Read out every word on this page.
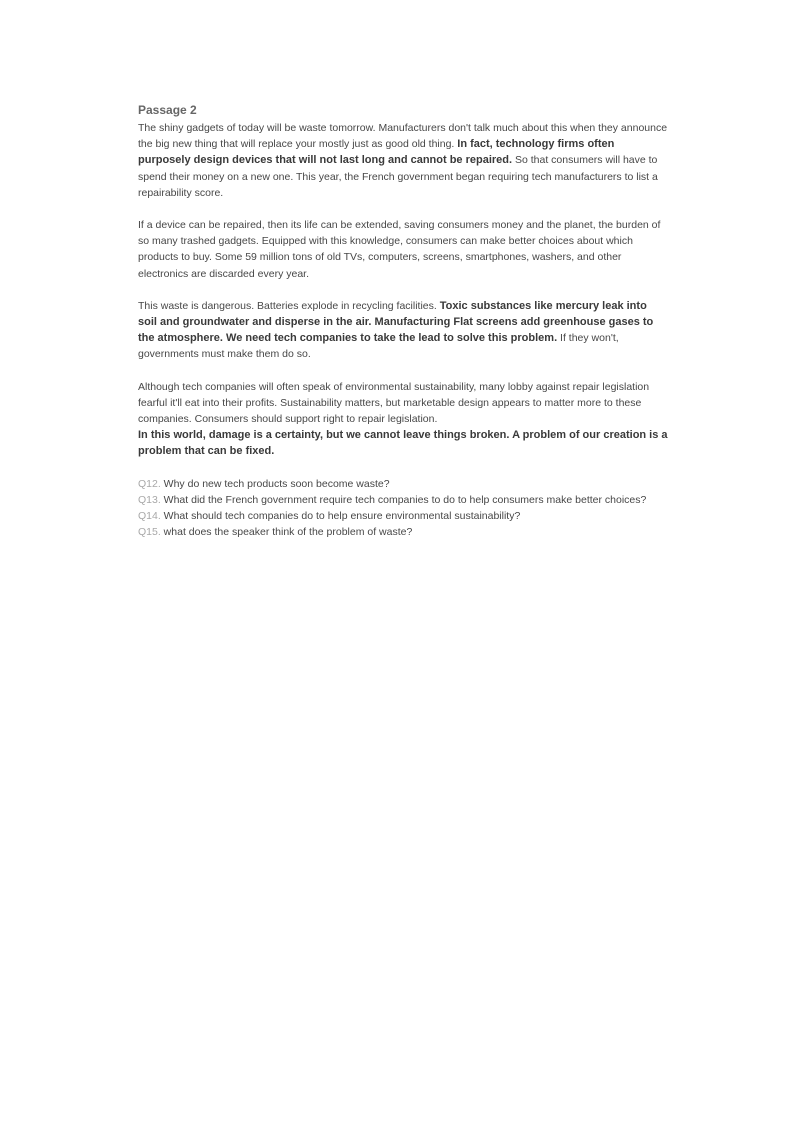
Passage 2

The shiny gadgets of today will be waste tomorrow. Manufacturers don't talk much about this when they announce the big new thing that will replace your mostly just as good old thing. In fact, technology firms often purposely design devices that will not last long and cannot be repaired. So that consumers will have to spend their money on a new one. This year, the French government began requiring tech manufacturers to list a repairability score.

If a device can be repaired, then its life can be extended, saving consumers money and the planet, the burden of so many trashed gadgets. Equipped with this knowledge, consumers can make better choices about which products to buy. Some 59 million tons of old TVs, computers, screens, smartphones, washers, and other electronics are discarded every year.

This waste is dangerous. Batteries explode in recycling facilities. Toxic substances like mercury leak into soil and groundwater and disperse in the air. Manufacturing Flat screens add greenhouse gases to the atmosphere. We need tech companies to take the lead to solve this problem. If they won't, governments must make them do so.

Although tech companies will often speak of environmental sustainability, many lobby against repair legislation fearful it'll eat into their profits. Sustainability matters, but marketable design appears to matter more to these companies. Consumers should support right to repair legislation.
In this world, damage is a certainty, but we cannot leave things broken. A problem of our creation is a problem that can be fixed.

Q12. Why do new tech products soon become waste?
Q13. What did the French government require tech companies to do to help consumers make better choices?
Q14. What should tech companies do to help ensure environmental sustainability?
Q15. what does the speaker think of the problem of waste?
